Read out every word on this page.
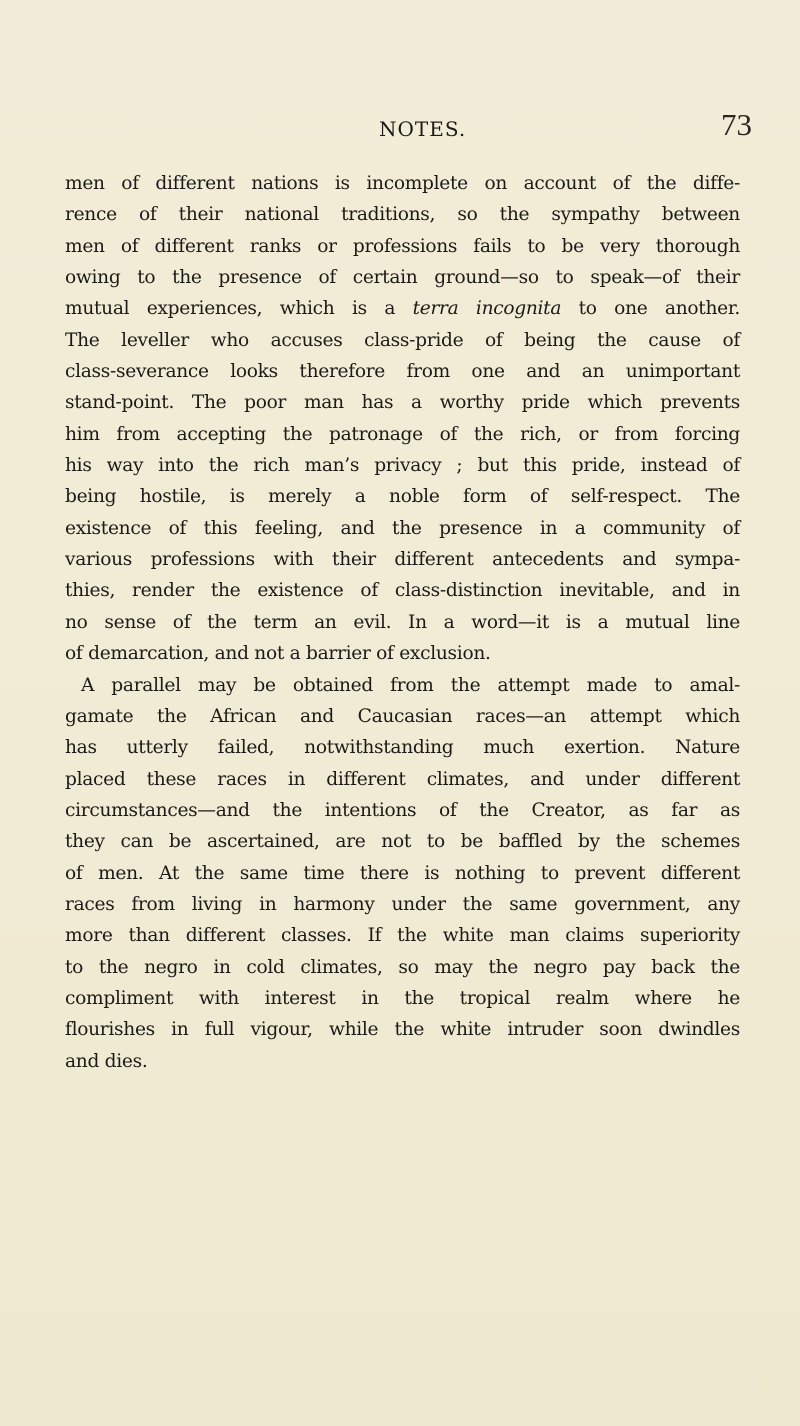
NOTES.	73
men of different nations is incomplete on account of the diffe-
rence of their national traditions, so the sympathy between
men of different ranks or professions fails to be very thorough
owing to the presence of certain ground—so to speak—of their
mutual experiences, which is a terra incognita to one another.
The leveller who accuses class-pride of being the cause of
class-severance looks therefore from one and an unimportant
stand-point. The poor man has a worthy pride which prevents
him from accepting the patronage of the rich, or from forcing
his way into the rich man’s privacy ; but this pride, instead of
being hostile, is merely a noble form of self-respect. The
existence of this feeling, and the presence in a community of
various professions with their different antecedents and sympa-
thies, render the existence of class-distinction inevitable, and in
no sense of the term an evil. In a word—it is a mutual line
of demarcation, and not a barrier of exclusion.
A parallel may be obtained from the attempt made to amal-
gamate the African and Caucasian races—an attempt which
has utterly failed, notwithstanding much exertion. Nature
placed these races in different climates, and under different
circumstances—and the intentions of the Creator, as far as
they can be ascertained, are not to be baffled by the schemes
of men. At the same time there is nothing to prevent different
races from living in harmony under the same government, any
more than different classes. If the white man claims superiority
to the negro in cold climates, so may the negro pay back the
compliment with interest in the tropical realm where he
flourishes in full vigour, while the white intruder soon dwindles
and dies.
